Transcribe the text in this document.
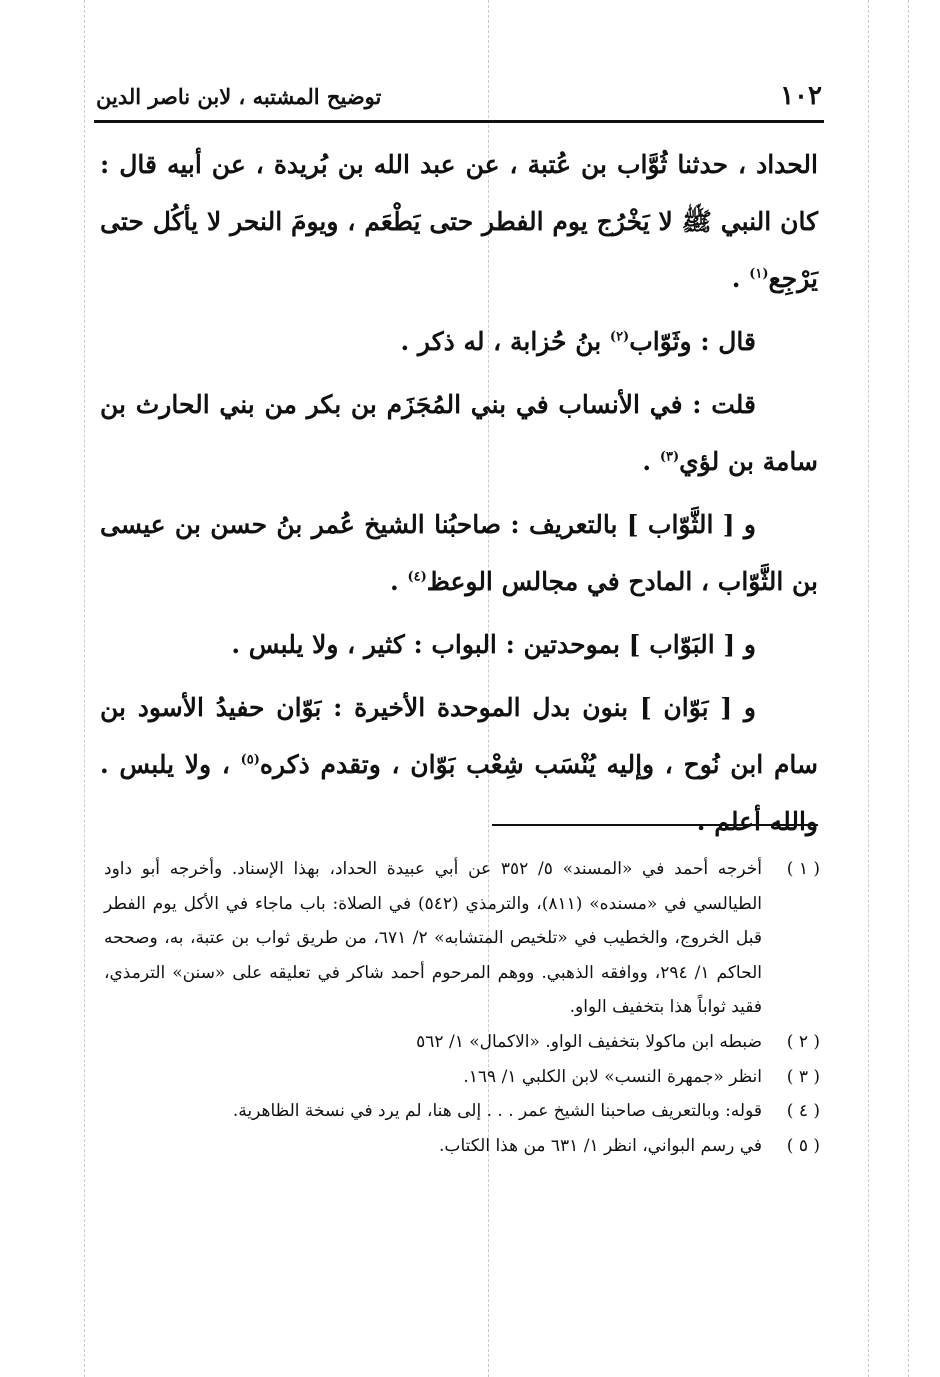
١٠٢
توضيح المشتبه ، لابن ناصر الدين

الحداد ، حدثنا ثُوَّاب بن عُتبة ، عن عبد الله بن بُريدة ، عن أبيه قال : كان النبي ﷺ لا يَخْرُج يوم الفطر حتى يَطْعَم ، ويومَ النحر لا يأكُل حتى يَرْجِع$^{(١)}$ .

قال : وثَوّاب$^{(٢)}$ بنُ حُزابة ، له ذكر .

قلت : في الأنساب في بني المُجَزَم بن بكر من بني الحارث بن سامة بن لؤي$^{(٣)}$ .

و [ الثَّوّاب ] بالتعريف : صاحبُنا الشيخ عُمر بنُ حسن بن عيسى بن الثَّوّاب ، المادح في مجالس الوعظ$^{(٤)}$ .

و [ البَوّاب ] بموحدتين : البواب : كثير ، ولا يلبس .

و [ بَوّان ] بنون بدل الموحدة الأخيرة : بَوّان حفيدُ الأسود بن سام ابن نُوح ، وإليه يُنْسَب شِعْب بَوّان ، وتقدم ذكره$^{(٥)}$ ، ولا يلبس . والله أعلم .

( ١ )أخرجه أحمد في «المسند» ٥/ ٣٥٢ عن أبي عبيدة الحداد، بهذا الإسناد. وأخرجه أبو داود الطيالسي في «مسنده» (٨١١)، والترمذي (٥٤٢) في الصلاة: باب ماجاء في الأكل يوم الفطر قبل الخروج، والخطيب في «تلخيص المتشابه» ٢/ ٦٧١، من طريق ثواب بن عتبة، به، وصححه الحاكم ١/ ٢٩٤، ووافقه الذهبي. ووهم المرحوم أحمد شاكر في تعليقه على «سنن» الترمذي، فقيد ثواباً هذا بتخفيف الواو.

( ٢ )ضبطه ابن ماكولا بتخفيف الواو. «الاكمال» ١/ ٥٦٢

( ٣ )انظر «جمهرة النسب» لابن الكلبي ١/ ١٦٩.

( ٤ )قوله: وبالتعريف صاحبنا الشيخ عمر . . . إلى هنا، لم يرد في نسخة الظاهرية.

( ٥ )في رسم البواني، انظر ١/ ٦٣١ من هذا الكتاب.
